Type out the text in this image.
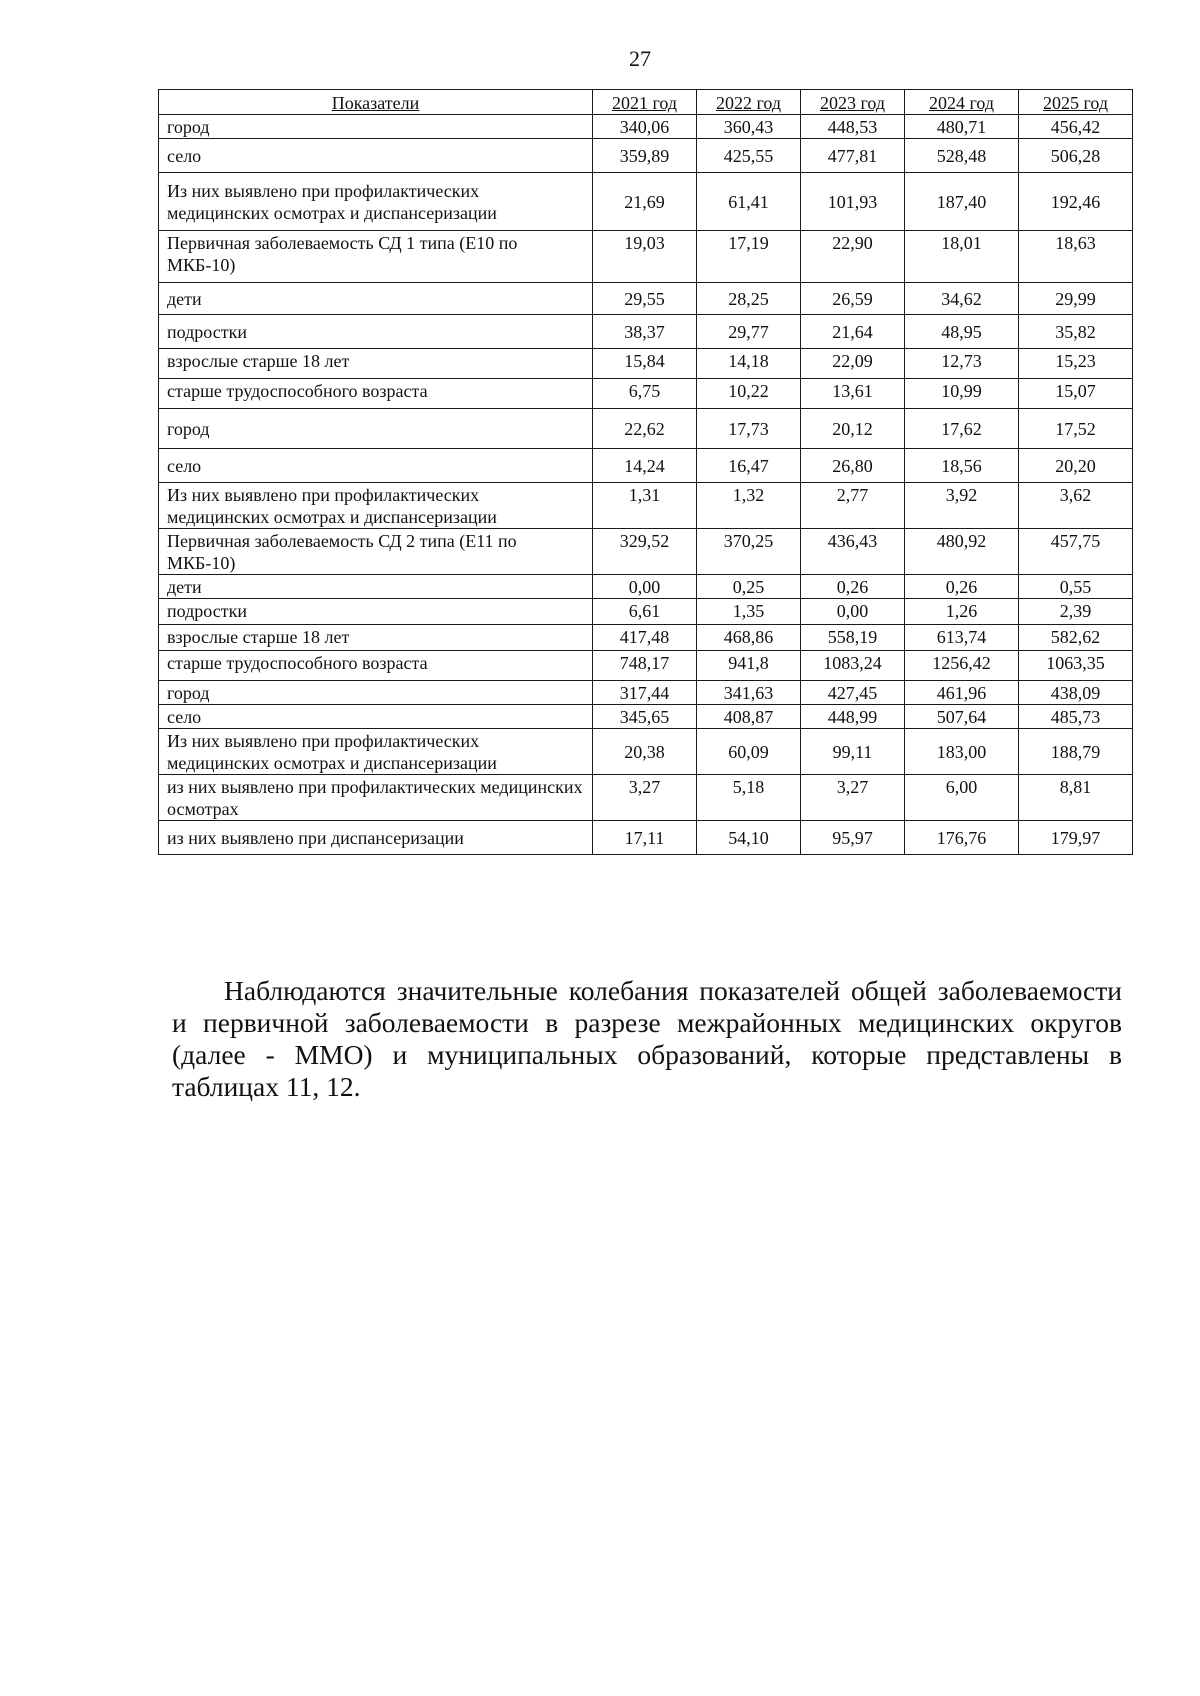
27
Показатели	2021 год	2022 год	2023 год	2024 год	2025 год
город	340,06	360,43	448,53	480,71	456,42
село	359,89	425,55	477,81	528,48	506,28
Из них выявлено при профилактических медицинских осмотрах и диспансеризации	21,69	61,41	101,93	187,40	192,46
Первичная заболеваемость СД 1 типа (Е10 по МКБ-10)	19,03	17,19	22,90	18,01	18,63
дети	29,55	28,25	26,59	34,62	29,99
подростки	38,37	29,77	21,64	48,95	35,82
взрослые старше 18 лет	15,84	14,18	22,09	12,73	15,23
старше трудоспособного возраста	6,75	10,22	13,61	10,99	15,07
город	22,62	17,73	20,12	17,62	17,52
село	14,24	16,47	26,80	18,56	20,20
Из них выявлено при профилактических медицинских осмотрах и диспансеризации	1,31	1,32	2,77	3,92	3,62
Первичная заболеваемость СД 2 типа (Е11 по МКБ-10)	329,52	370,25	436,43	480,92	457,75
дети	0,00	0,25	0,26	0,26	0,55
подростки	6,61	1,35	0,00	1,26	2,39
взрослые старше 18 лет	417,48	468,86	558,19	613,74	582,62
старше трудоспособного возраста	748,17	941,8	1083,24	1256,42	1063,35
город	317,44	341,63	427,45	461,96	438,09
село	345,65	408,87	448,99	507,64	485,73
Из них выявлено при профилактических медицинских осмотрах и диспансеризации	20,38	60,09	99,11	183,00	188,79
из них выявлено при профилактических медицинских осмотрах	3,27	5,18	3,27	6,00	8,81
из них выявлено при диспансеризации	17,11	54,10	95,97	176,76	179,97

Наблюдаются значительные колебания показателей общей заболеваемости и первичной заболеваемости в разрезе межрайонных медицинских округов (далее - ММО) и муниципальных образований, которые представлены в таблицах 11, 12.
